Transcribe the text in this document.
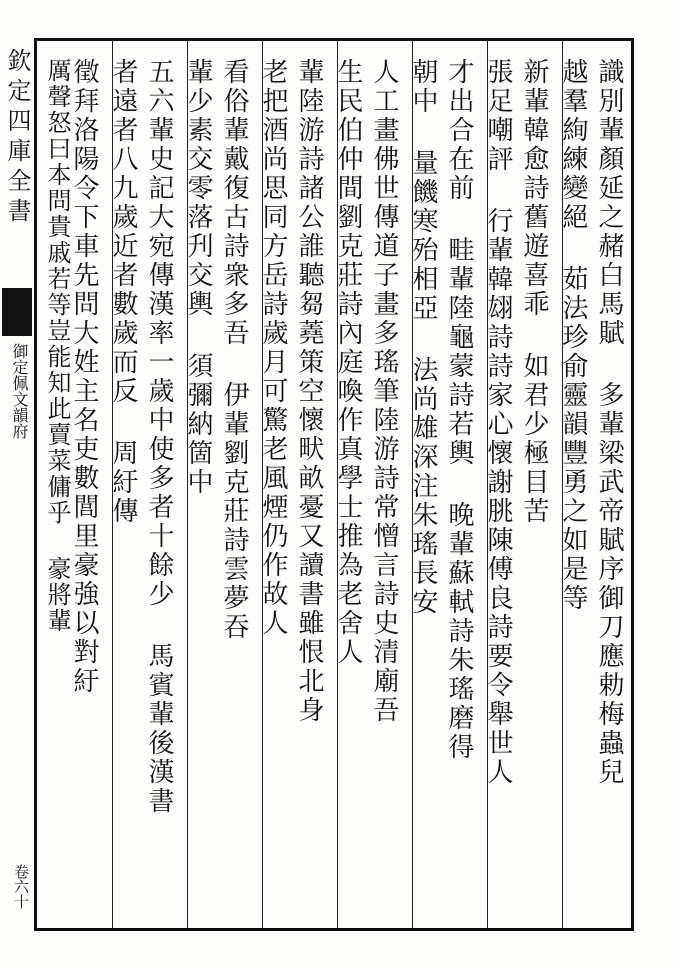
欽定四庫全書
御定佩文韻府
卷六十
識別輩顏延之赭白馬賦 多輩梁武帝賦序御刀應勅梅蟲兒
越羣絢練變絕 茹法珍俞靈韻豐勇之如是等
新輩韓愈詩舊遊喜乖 如君少極目苦
張足嘲評 行輩韓翃詩詩家心懷謝朓陳傅良詩要令舉世人
才出合在前 畦輩陸龜蒙詩若輿 晚輩蘇軾詩朱瑤磨得
朝中 量饑寒殆相亞 法尚雄深注朱瑤長安
人工畫佛世傳道子畫多瑤筆陸游詩常憎言詩史清廟吾
生民伯仲間劉克莊詩內庭喚作真學士推為老舍人
輩陸游詩諸公誰聽芻蕘策空懷畎畝憂又讀書雖恨北身
老把酒尚思同方岳詩歲月可驚老風煙仍作故人
看俗輩戴復古詩衆多吾 伊輩劉克莊詩雲夢吞
輩少素交零落刋交輿 須彌納箇中
五六輩史記大宛傳漢率一歲中使多者十餘少 馬賓輩後漢書
者遠者八九歲近者數歲而反 周紆傳
徵拜洛陽令下車先問大姓主名吏數閭里豪強以對紆
厲聲怒曰本問貴戚若等豈能知此賣菜傭乎 豪將輩
